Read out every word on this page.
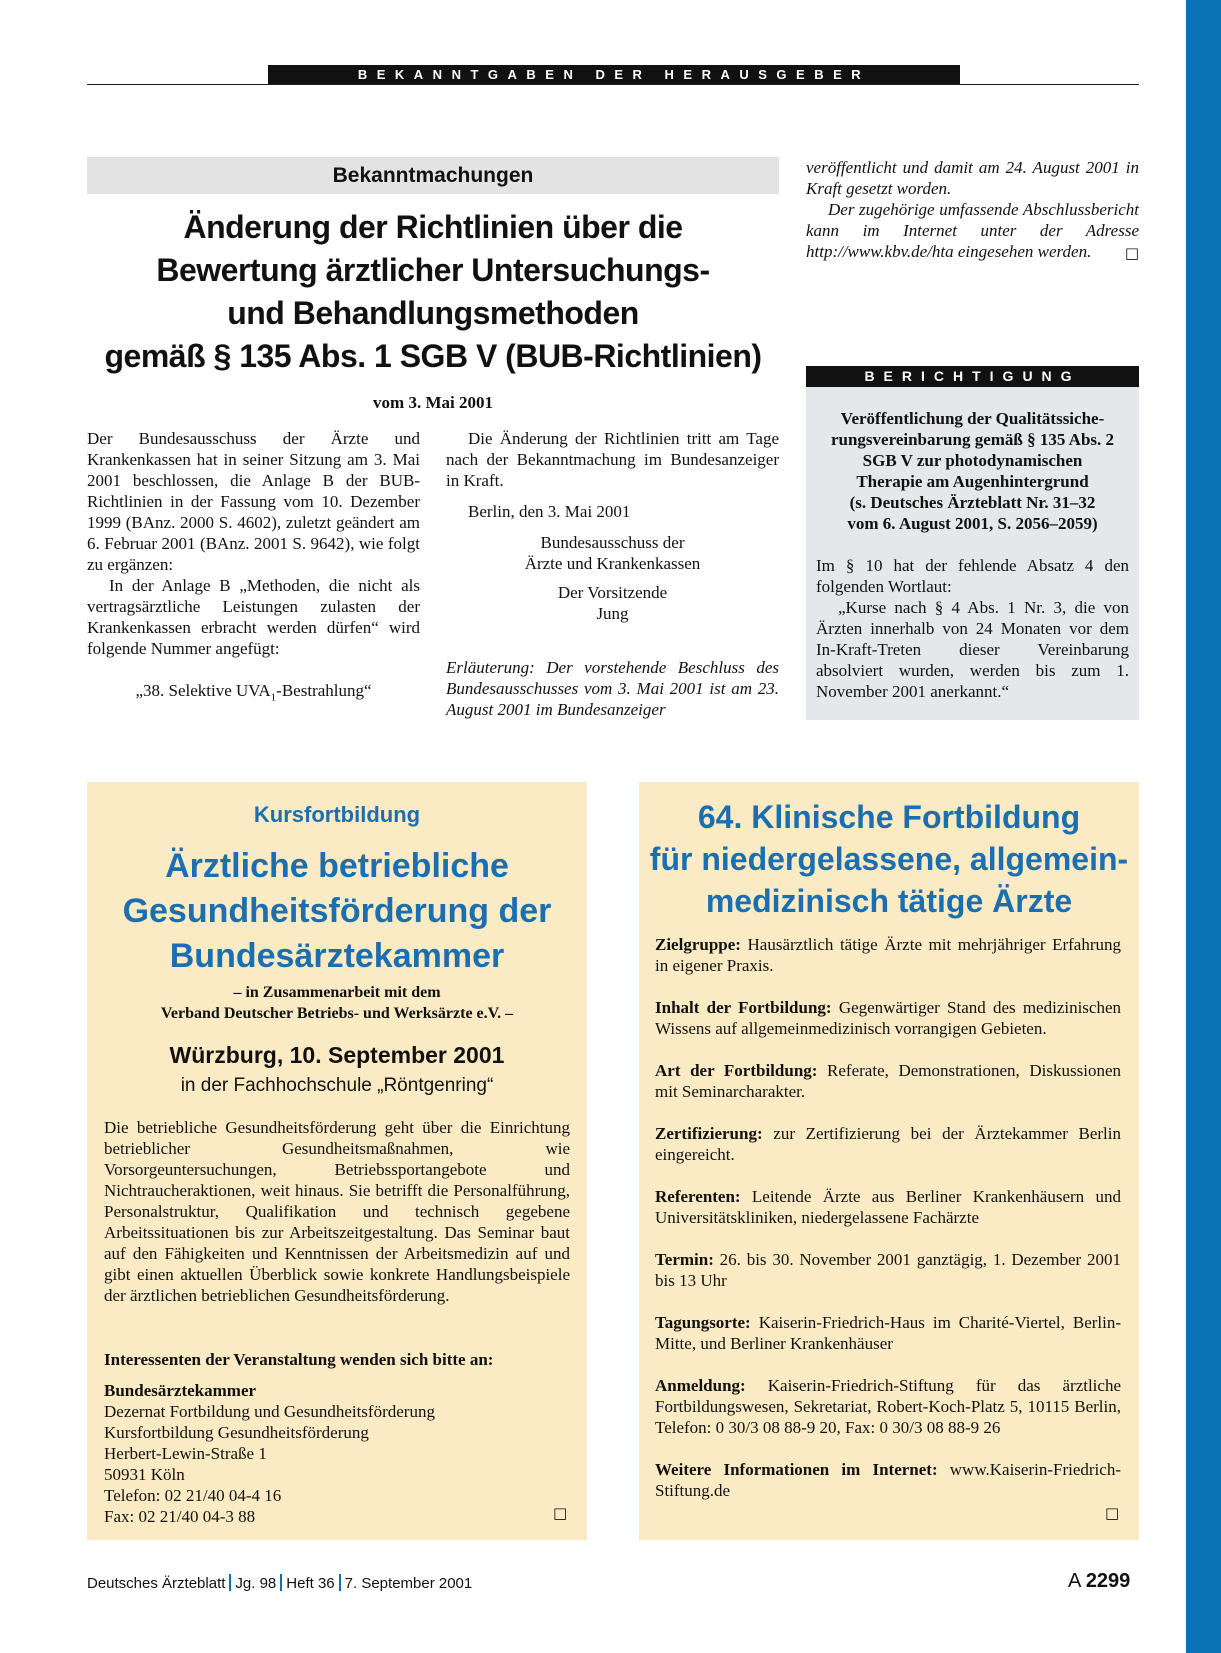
BEKANNTGABEN DER HERAUSGEBER
Bekanntmachungen
Änderung der Richtlinien über die
Bewertung ärztlicher Untersuchungs-
und Behandlungsmethoden
gemäß § 135 Abs. 1 SGB V (BUB-Richtlinien)
vom 3. Mai 2001

Der Bundesausschuss der Ärzte und Krankenkassen hat in seiner Sitzung am 3. Mai 2001 beschlossen, die Anlage B der BUB-Richtlinien in der Fassung vom 10. Dezember 1999 (BAnz. 2000 S. 4602), zuletzt geändert am 6. Februar 2001 (BAnz. 2001 S. 9642), wie folgt zu ergänzen:

In der Anlage B „Methoden, die nicht als vertragsärztliche Leistungen zulasten der Krankenkassen erbracht werden dürfen“ wird folgende Nummer angefügt:

„38. Selektive $UVA_1-Bestrahlung“$

Die Änderung der Richtlinien tritt am Tage nach der Bekanntmachung im Bundesanzeiger in Kraft.

Berlin, den 3. Mai 2001

Bundesausschuss der

Ärzte und Krankenkassen

Der Vorsitzende

Jung

Erläuterung: Der vorstehende Beschluss des Bundesausschusses vom 3. Mai 2001 ist am 23. August 2001 im Bundesanzeiger

veröffentlicht und damit am 24. August 2001 in Kraft gesetzt worden.

Der zugehörige umfassende Abschlussbericht kann im Internet unter der Adresse http://www.kbv.de/hta eingesehen werden.	□

BERICHTIGUNG
Veröffentlichung der Qualitätssiche-
rungsvereinbarung gemäß § 135 Abs. 2
SGB V zur photodynamischen
Therapie am Augenhintergrund
(s. Deutsches Ärzteblatt Nr. 31–32
vom 6. August 2001, S. 2056–2059)

Im § 10 hat der fehlende Absatz 4 den folgenden Wortlaut:

„Kurse nach § 4 Abs. 1 Nr. 3, die von Ärzten innerhalb von 24 Monaten vor dem In-Kraft-Treten dieser Vereinbarung absolviert wurden, werden bis zum 1. November 2001 anerkannt.“

Kursfortbildung
Ärztliche betriebliche
Gesundheitsförderung der
Bundesärztekammer
– in Zusammenarbeit mit dem
Verband Deutscher Betriebs- und Werksärzte e.V. –
Würzburg, 10. September 2001
in der Fachhochschule „Röntgenring“
Die betriebliche Gesundheitsförderung geht über die Einrichtung betrieblicher Gesundheitsmaßnahmen, wie Vorsorgeuntersuchungen, Betriebssportangebote und Nichtraucheraktionen, weit hinaus. Sie betrifft die Personalführung, Personalstruktur, Qualifikation und technisch gegebene Arbeitssituationen bis zur Arbeitszeitgestaltung. Das Seminar baut auf den Fähigkeiten und Kenntnissen der Arbeitsmedizin auf und gibt einen aktuellen Überblick sowie konkrete Handlungsbeispiele der ärztlichen betrieblichen Gesundheitsförderung.
Interessenten der Veranstaltung wenden sich bitte an:
Bundesärztekammer
Dezernat Fortbildung und Gesundheitsförderung
Kursfortbildung Gesundheitsförderung
Herbert-Lewin-Straße 1
50931 Köln
Telefon: 02 21/40 04-4 16
Fax: 02 21/40 04-3 88	□
64. Klinische Fortbildung
für niedergelassene, allgemein-
medizinisch tätige Ärzte

Zielgruppe: Hausärztlich tätige Ärzte mit mehrjähriger Erfahrung in eigener Praxis.

Inhalt der Fortbildung: Gegenwärtiger Stand des medizinischen Wissens auf allgemeinmedizinisch vorrangigen Gebieten.

Art der Fortbildung: Referate, Demonstrationen, Diskussionen mit Seminarcharakter.

Zertifizierung: zur Zertifizierung bei der Ärztekammer Berlin eingereicht.

Referenten: Leitende Ärzte aus Berliner Krankenhäusern und Universitätskliniken, niedergelassene Fachärzte

Termin: 26. bis 30. November 2001 ganztägig, 1. Dezember 2001 bis 13 Uhr

Tagungsorte: Kaiserin-Friedrich-Haus im Charité-Viertel, Berlin-Mitte, und Berliner Krankenhäuser

Anmeldung: Kaiserin-Friedrich-Stiftung für das ärztliche Fortbildungswesen, Sekretariat, Robert-Koch-Platz 5, 10115 Berlin, Telefon: 0 30/3 08 88-9 20, Fax: 0 30/3 08 88-9 26

Weitere Informationen im Internet: www.Kaiserin-Friedrich-Stiftung.de

□
Deutsches Ärzteblatt Jg. 98 Heft 36 7. September 2001	A 2299
